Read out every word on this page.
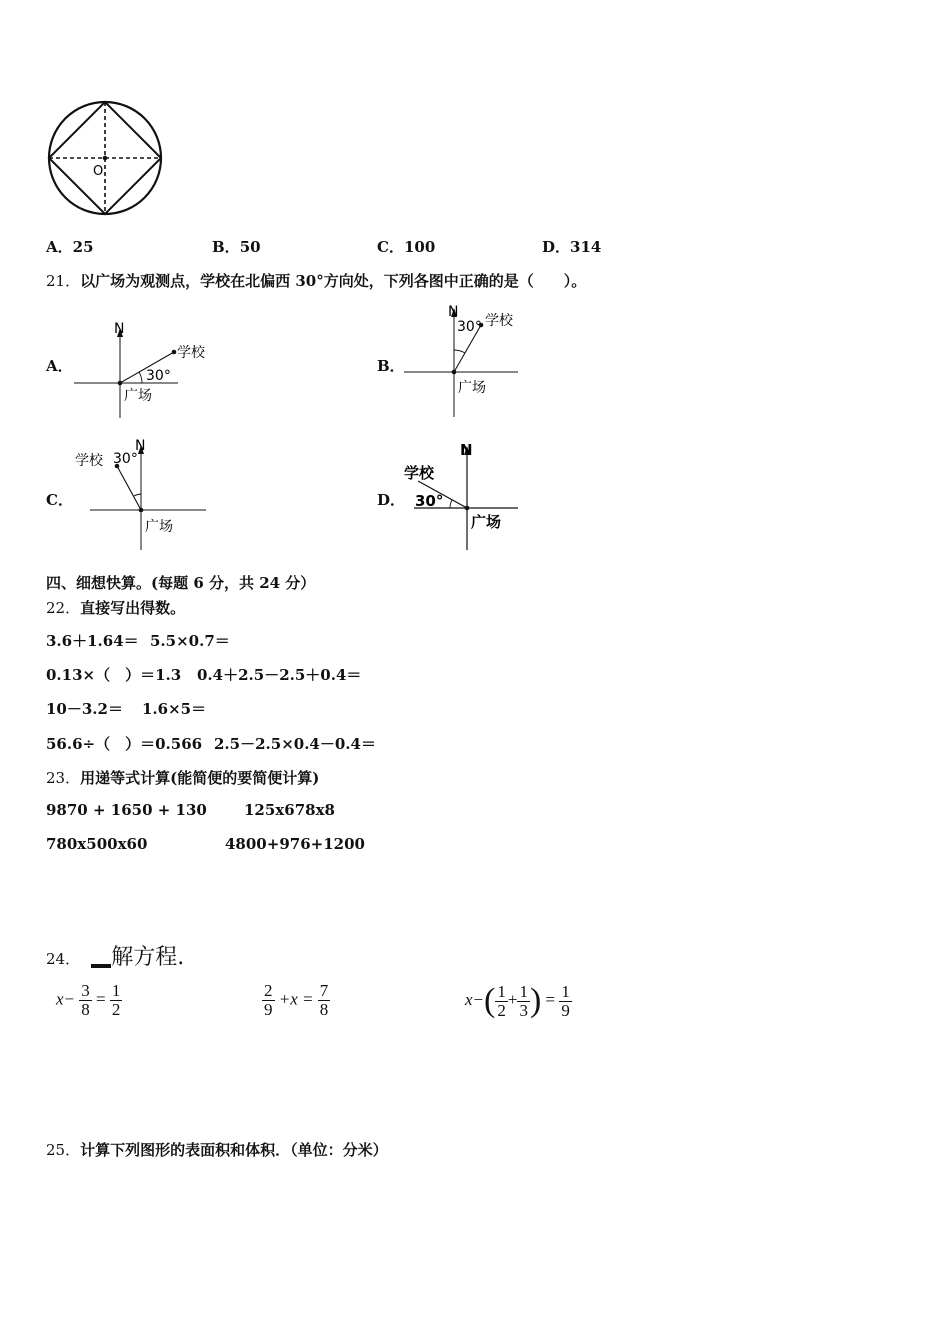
O
A．25	B．50	C．100	D．314
21．以广场为观测点，学校在北偏西 30°方向处，下列各图中正确的是（　　）。
A．
N
学校
30°
广场
B．
N
30° 学校
广场
C．
N
学校 30°
广场
D．
N
学校
30°
广场
四、细想快算。(每题 6 分，共 24 分）
22．直接写出得数。
3.6＋1.64＝ 5.5×0.7＝
0.13×（　）＝1.3 0.4＋2.5－2.5＋0.4＝
10－3.2＝ 1.6×5＝
56.6÷（　）＝0.566 2.5－2.5×0.4－0.4＝
23．用递等式计算(能简便的要简便计算)
9870 + 1650 + 130 125x678x8
780x500x60	4800+976+1200
24． 解方程.
$x- \frac{3}{8} = \frac{1}{2}$	$\frac{2}{9} +x = \frac{7}{8}$	$x-( \frac{1}{2} + \frac{1}{3}$ ) = $\frac{1}{9}$
25．计算下列图形的表面积和体积．（单位：分米）
